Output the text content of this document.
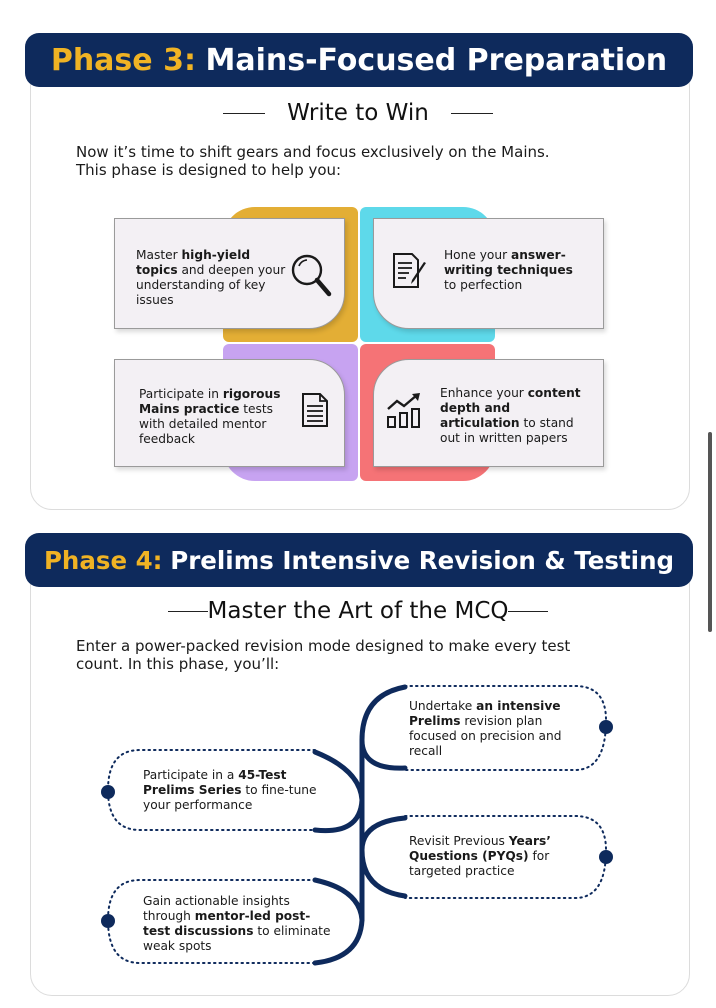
Phase 3:
Mains-Focused Preparation
Write to Win
Now it’s time to shift gears and focus exclusively on the Mains.
This phase is designed to help you:
Master high-yield topics and deepen your understanding of key issues
Hone your answer-writing techniques to perfection
Participate in rigorous Mains practice tests with detailed mentor feedback
Enhance your content depth and articulation to stand out in written papers
Phase 4:
Prelims Intensive Revision & Testing
Master the Art of the MCQ
Enter a power-packed revision mode designed to make every test
count. In this phase, you’ll:
Undertake an intensive Prelims revision plan focused on precision and recall
Participate in a 45-Test Prelims Series to fine-tune your performance
Revisit Previous Years’ Questions (PYQs) for targeted practice
Gain actionable insights through mentor-led post-test discussions to eliminate weak spots
